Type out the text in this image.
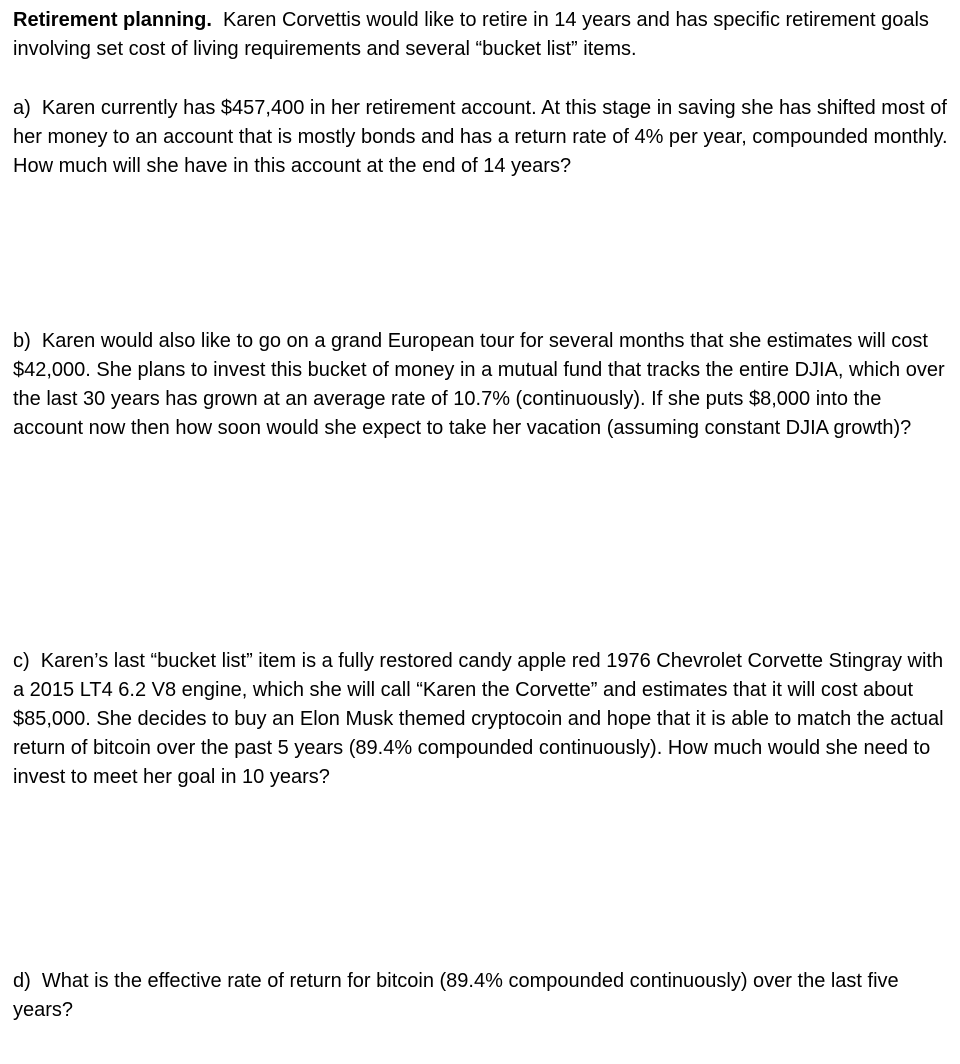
Retirement planning. Karen Corvettis would like to retire in 14 years and has specific retirement goals involving set cost of living requirements and several “bucket list” items.

a) Karen currently has $457,400 in her retirement account. At this stage in saving she has shifted most of her money to an account that is mostly bonds and has a return rate of 4% per year, compounded monthly. How much will she have in this account at the end of 14 years?

b) Karen would also like to go on a grand European tour for several months that she estimates will cost $42,000. She plans to invest this bucket of money in a mutual fund that tracks the entire DJIA, which over the last 30 years has grown at an average rate of 10.7% (continuously). If she puts $8,000 into the account now then how soon would she expect to take her vacation (assuming constant DJIA growth)?

c) Karen’s last “bucket list” item is a fully restored candy apple red 1976 Chevrolet Corvette Stingray with a 2015 LT4 6.2 V8 engine, which she will call “Karen the Corvette” and estimates that it will cost about $85,000. She decides to buy an Elon Musk themed cryptocoin and hope that it is able to match the actual return of bitcoin over the past 5 years (89.4% compounded continuously). How much would she need to invest to meet her goal in 10 years?

d) What is the effective rate of return for bitcoin (89.4% compounded continuously) over the last five years?
